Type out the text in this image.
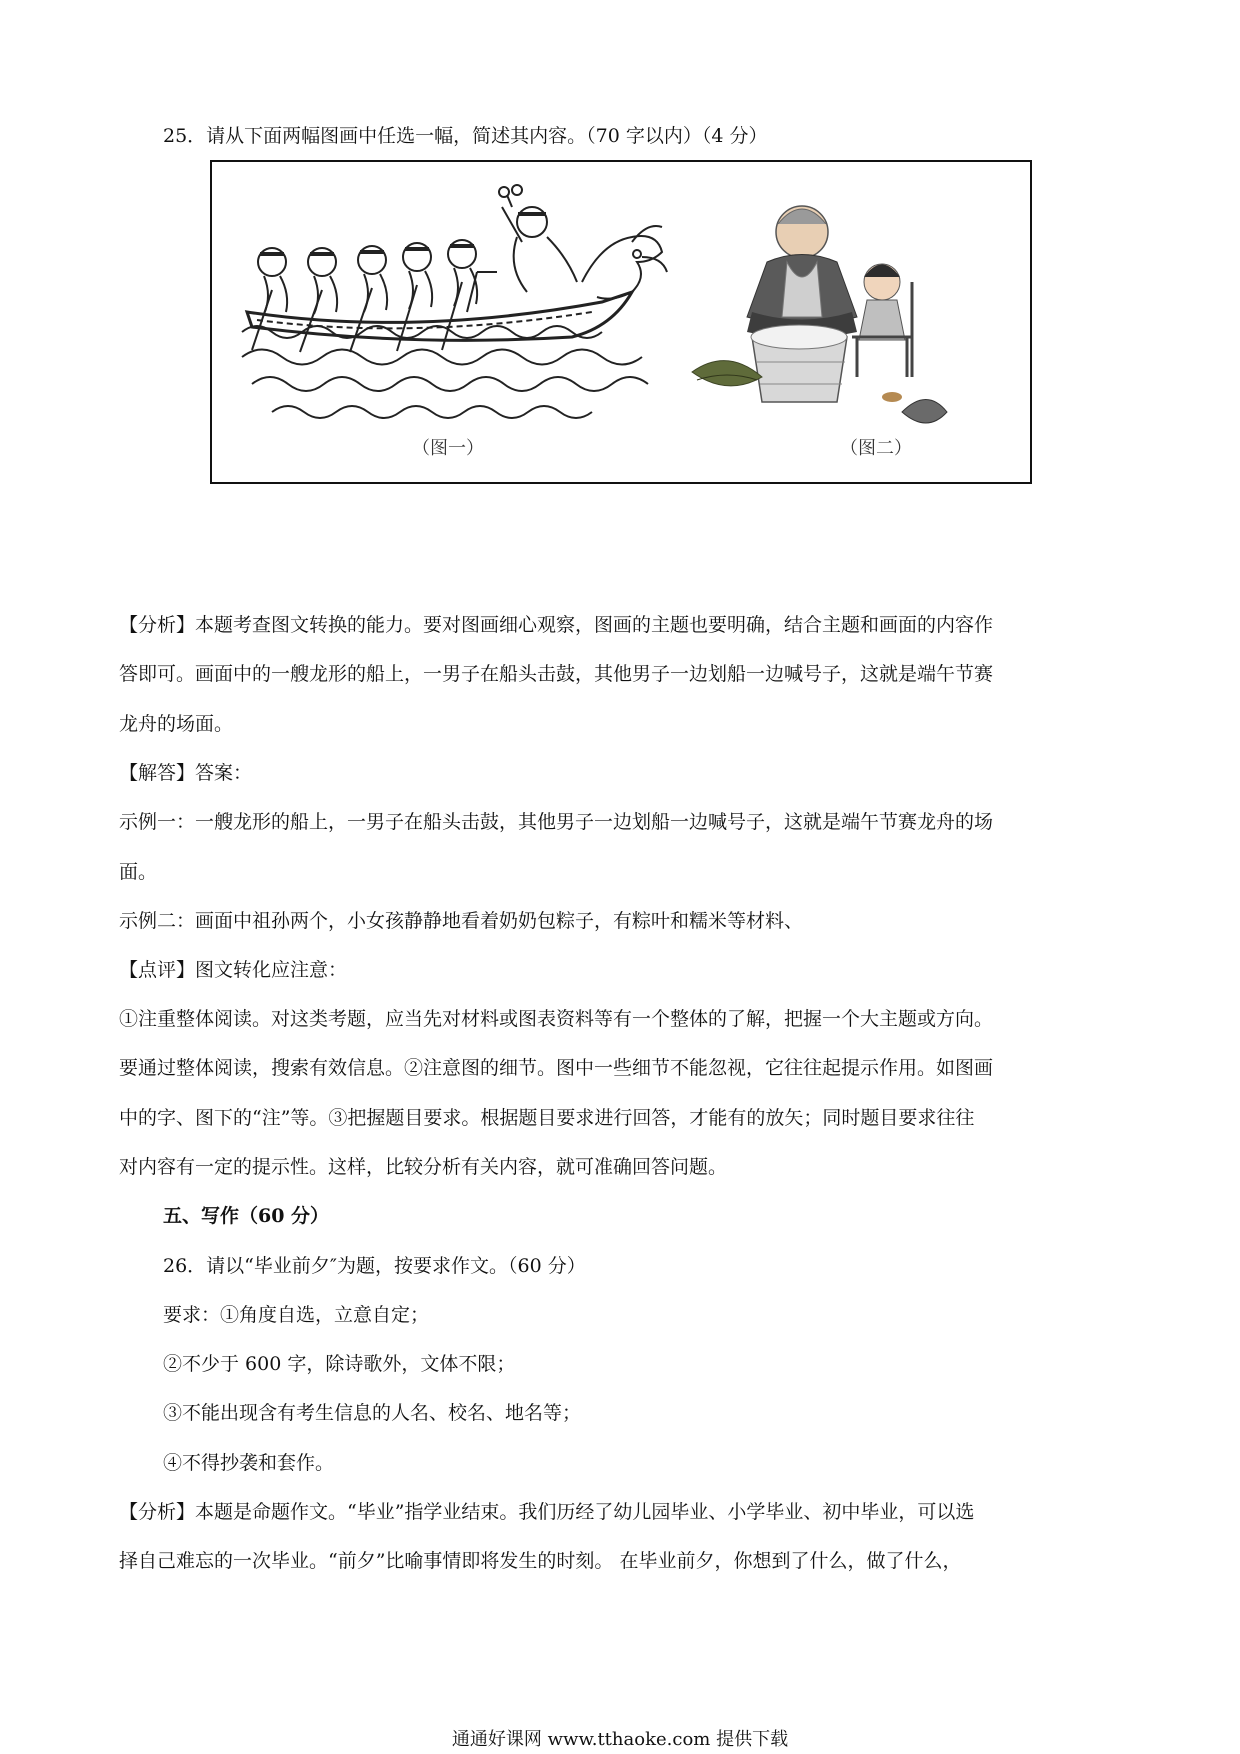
25．请从下面两幅图画中任选一幅，简述其内容。（70 字以内）（4 分）
（图一）	（图二）
【分析】本题考查图文转换的能力。要对图画细心观察，图画的主题也要明确，结合主题和画面的内容作
答即可。画面中的一艘龙形的船上，一男子在船头击鼓，其他男子一边划船一边喊号子，这就是端午节赛
龙舟的场面。
【解答】答案：
示例一：一艘龙形的船上，一男子在船头击鼓，其他男子一边划船一边喊号子，这就是端午节赛龙舟的场
面。
示例二：画面中祖孙两个，小女孩静静地看着奶奶包粽子，有粽叶和糯米等材料、
【点评】图文转化应注意：
①注重整体阅读。对这类考题，应当先对材料或图表资料等有一个整体的了解，把握一个大主题或方向。
要通过整体阅读，搜索有效信息。②注意图的细节。图中一些细节不能忽视，它往往起提示作用。如图画
中的字、图下的“注”等。③把握题目要求。根据题目要求进行回答，才能有的放矢；同时题目要求往往
对内容有一定的提示性。这样，比较分析有关内容，就可准确回答问题。
五、写作（60 分）
26．请以“毕业前夕″为题，按要求作文。（60 分）
要求：①角度自选，立意自定；
②不少于 600 字，除诗歌外，文体不限；
③不能出现含有考生信息的人名、校名、地名等；
④不得抄袭和套作。
【分析】本题是命题作文。“毕业”指学业结束。我们历经了幼儿园毕业、小学毕业、初中毕业，可以选
择自己难忘的一次毕业。“前夕”比喻事情即将发生的时刻。 在毕业前夕，你想到了什么，做了什么，
通通好课网 www.tthaoke.com 提供下载
